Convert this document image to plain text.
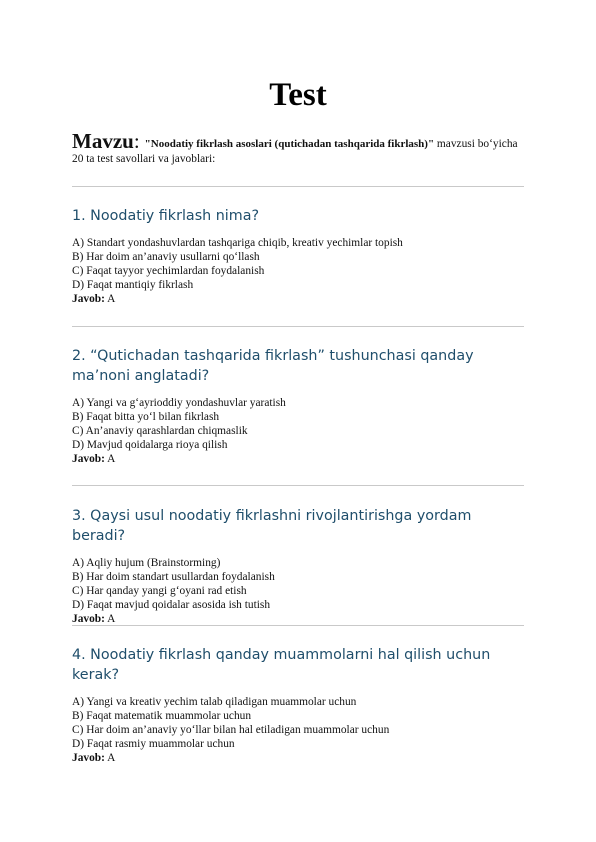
Test
Mavzu: "Noodatiy fikrlash asoslari (qutichadan tashqarida fikrlash)" mavzusi bo‘yicha 20 ta test savollari va javoblari:
1. Noodatiy fikrlash nima?
A) Standart yondashuvlardan tashqariga chiqib, kreativ yechimlar topish
B) Har doim an’anaviy usullarni qo‘llash
C) Faqat tayyor yechimlardan foydalanish
D) Faqat mantiqiy fikrlash
Javob: A
2. “Qutichadan tashqarida fikrlash” tushunchasi qanday ma’noni anglatadi?
A) Yangi va g‘ayrioddiy yondashuvlar yaratish
B) Faqat bitta yo‘l bilan fikrlash
C) An’anaviy qarashlardan chiqmaslik
D) Mavjud qoidalarga rioya qilish
Javob: A
3. Qaysi usul noodatiy fikrlashni rivojlantirishga yordam beradi?
A) Aqliy hujum (Brainstorming)
B) Har doim standart usullardan foydalanish
C) Har qanday yangi g‘oyani rad etish
D) Faqat mavjud qoidalar asosida ish tutish
Javob: A
4. Noodatiy fikrlash qanday muammolarni hal qilish uchun kerak?
A) Yangi va kreativ yechim talab qiladigan muammolar uchun
B) Faqat matematik muammolar uchun
C) Har doim an’anaviy yo‘llar bilan hal etiladigan muammolar uchun
D) Faqat rasmiy muammolar uchun
Javob: A
